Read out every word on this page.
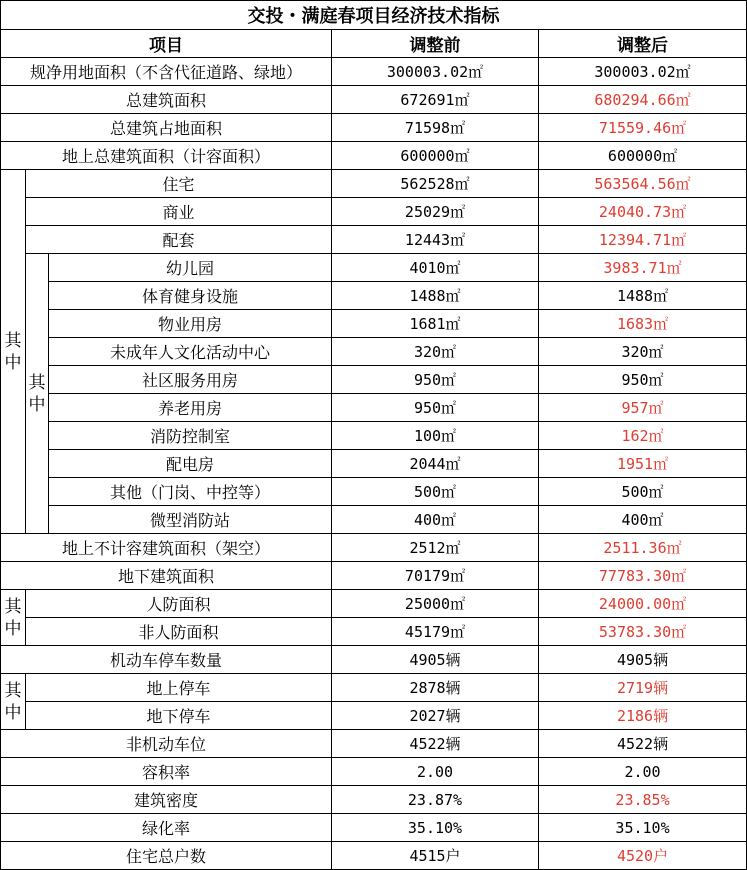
交投・满庭春项目经济技术指标				
项目			调整前	调整后
规净用地面积（不含代征道路、绿地）			300003.02㎡	300003.02㎡
总建筑面积			672691㎡	680294.66㎡
总建筑占地面积			71598㎡	71559.46㎡
地上总建筑面积（计容面积）			600000㎡	600000㎡
其中	住宅		562528㎡	563564.56㎡
	商业		25029㎡	24040.73㎡
	配套		12443㎡	12394.71㎡
	其中	幼儿园	4010㎡	3983.71㎡
		体育健身设施	1488㎡	1488㎡
		物业用房	1681㎡	1683㎡
		未成年人文化活动中心	320㎡	320㎡
		社区服务用房	950㎡	950㎡
		养老用房	950㎡	957㎡
		消防控制室	100㎡	162㎡
		配电房	2044㎡	1951㎡
		其他（门岗、中控等）	500㎡	500㎡
		微型消防站	400㎡	400㎡
地上不计容建筑面积（架空）			2512㎡	2511.36㎡
地下建筑面积			70179㎡	77783.30㎡
其中	人防面积		25000㎡	24000.00㎡
	非人防面积		45179㎡	53783.30㎡
机动车停车数量			4905辆	4905辆
其中	地上停车		2878辆	2719辆
	地下停车		2027辆	2186辆
非机动车位			4522辆	4522辆
容积率			2.00	2.00
建筑密度			23.87%	23.85%
绿化率			35.10%	35.10%
住宅总户数			4515户	4520户
